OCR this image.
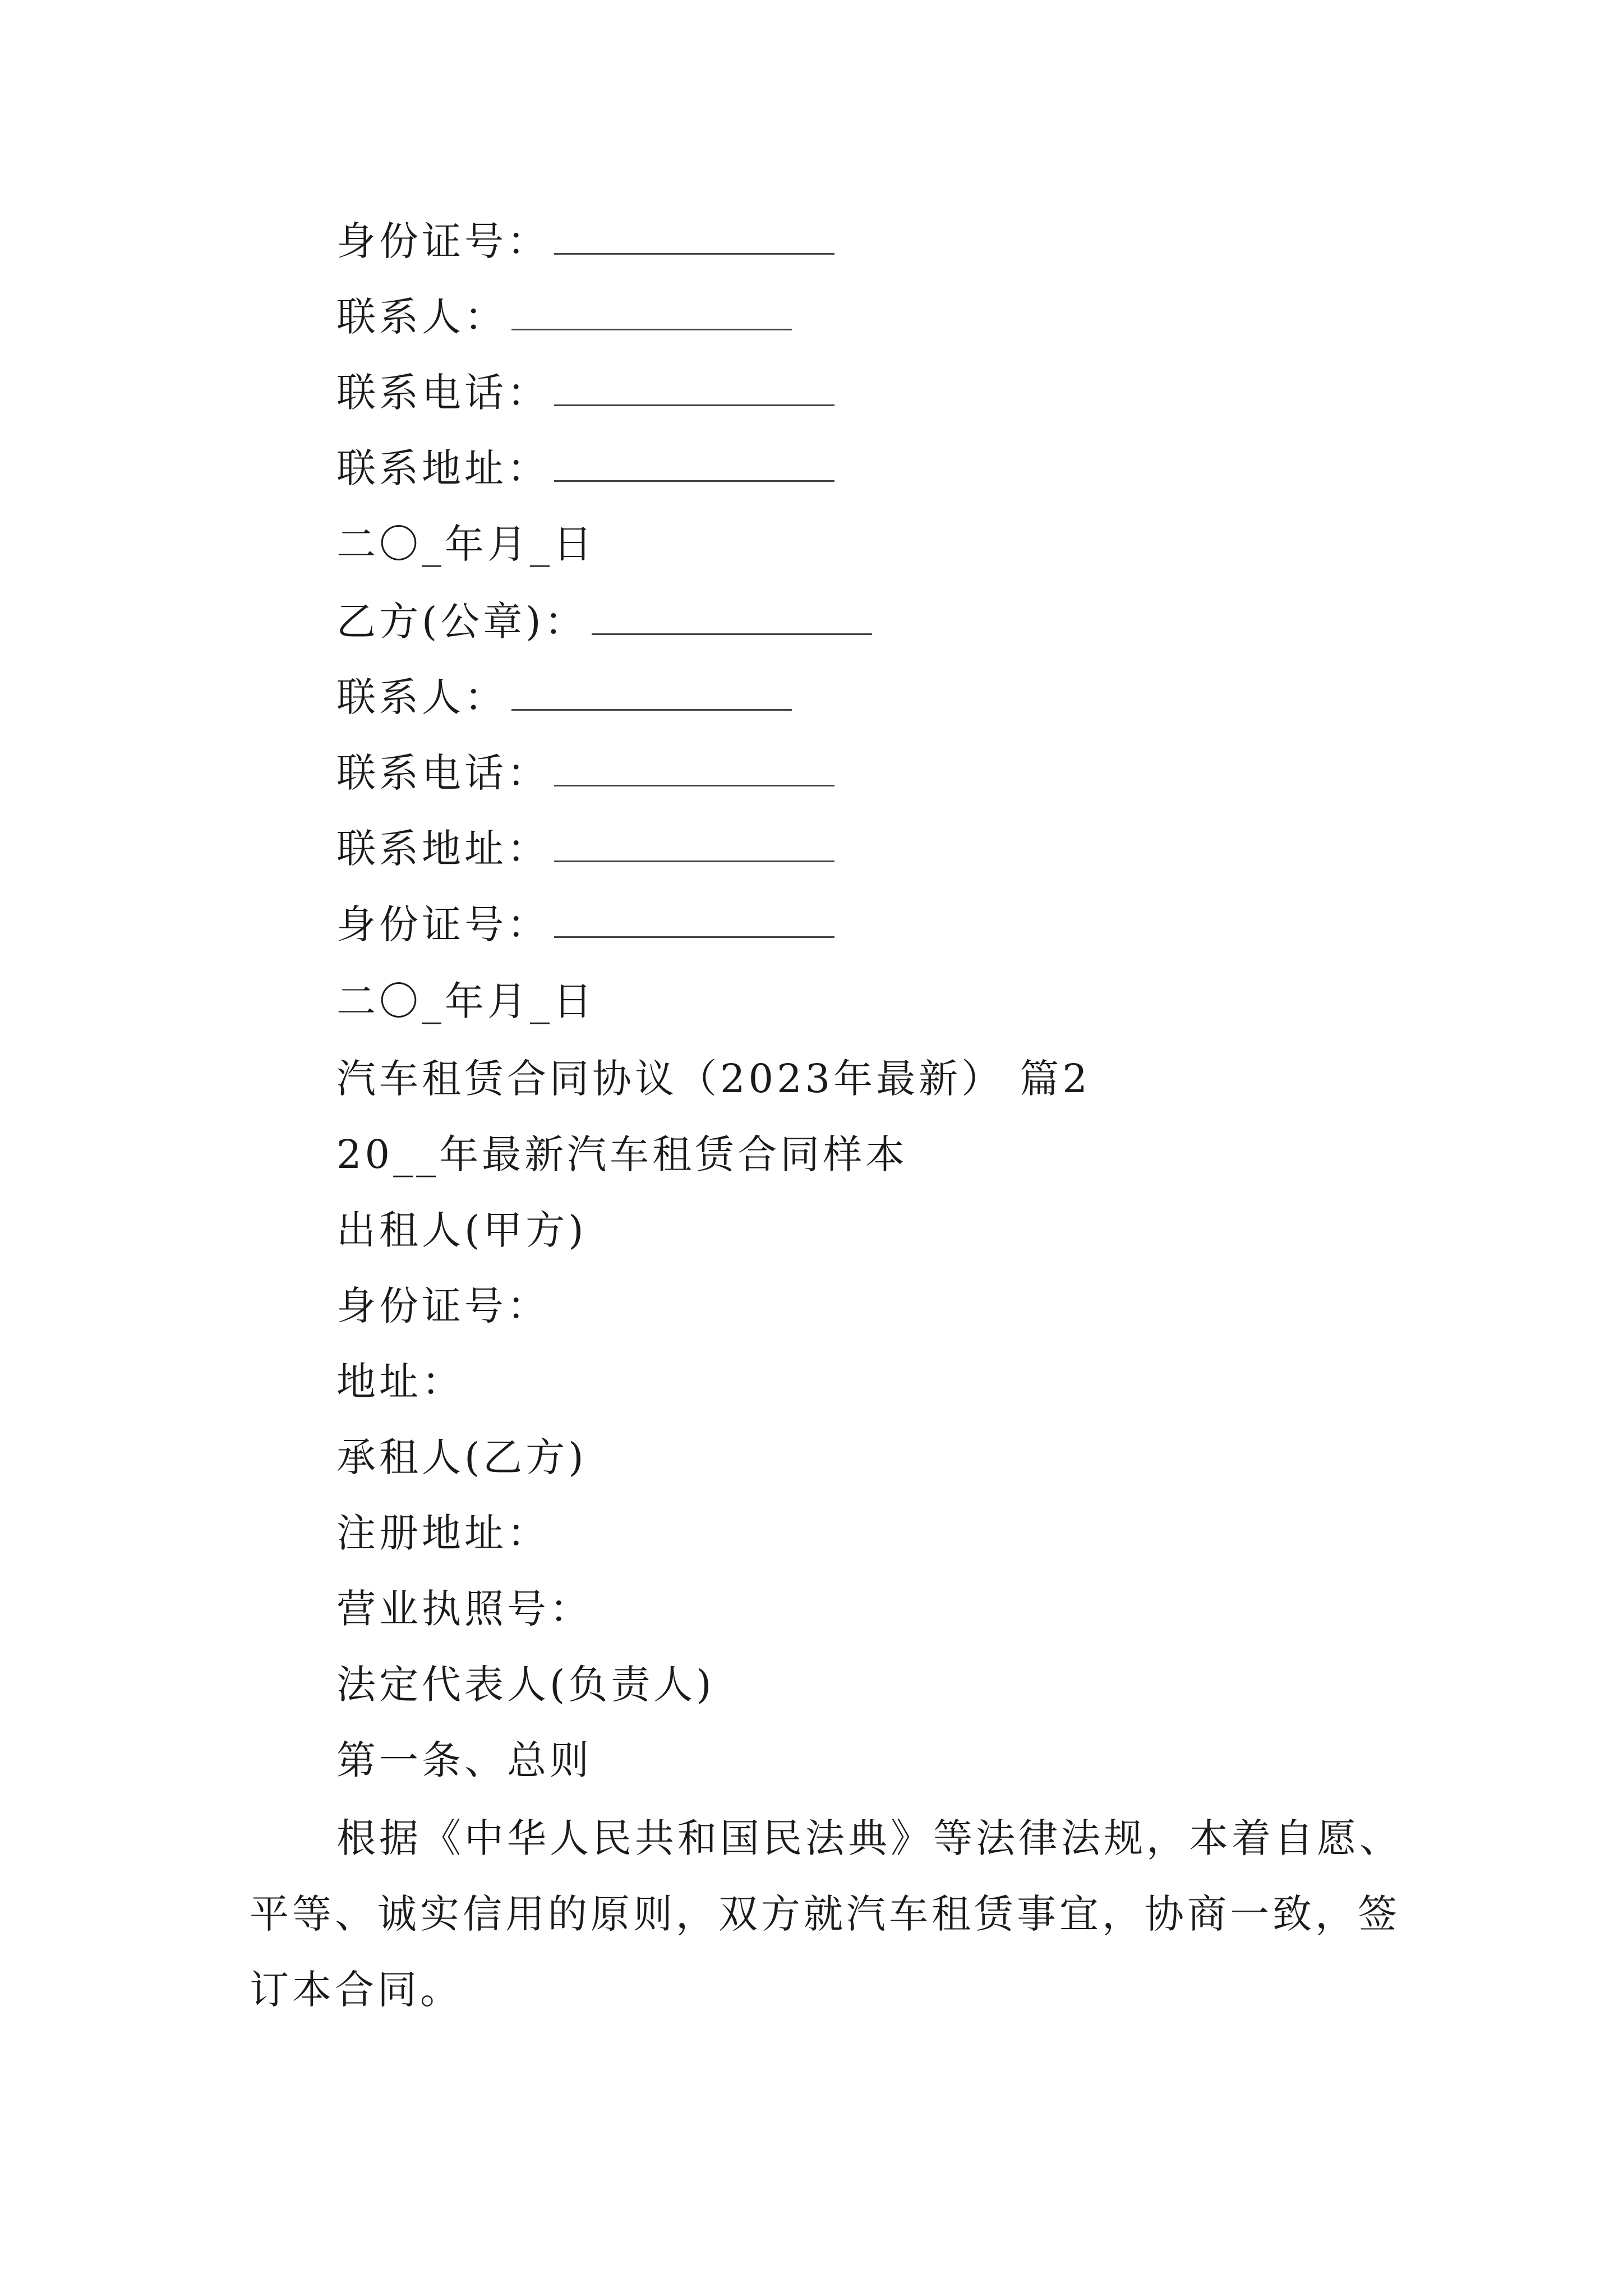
身份证号：
联系人：
联系电话：
联系地址：
二〇_年月_日
乙方(公章)：
联系人：
联系电话：
联系地址：
身份证号：
二〇_年月_日
汽车租赁合同协议（2023年最新） 篇2
20__年最新汽车租赁合同样本
出租人(甲方)
身份证号：
地址：
承租人(乙方)
注册地址：
营业执照号：
法定代表人(负责人)
第一条、总则

根据《中华人民共和国民法典》等法律法规，本着自愿、平等、诚实信用的原则，双方就汽车租赁事宜，协商一致，签订本合同。
